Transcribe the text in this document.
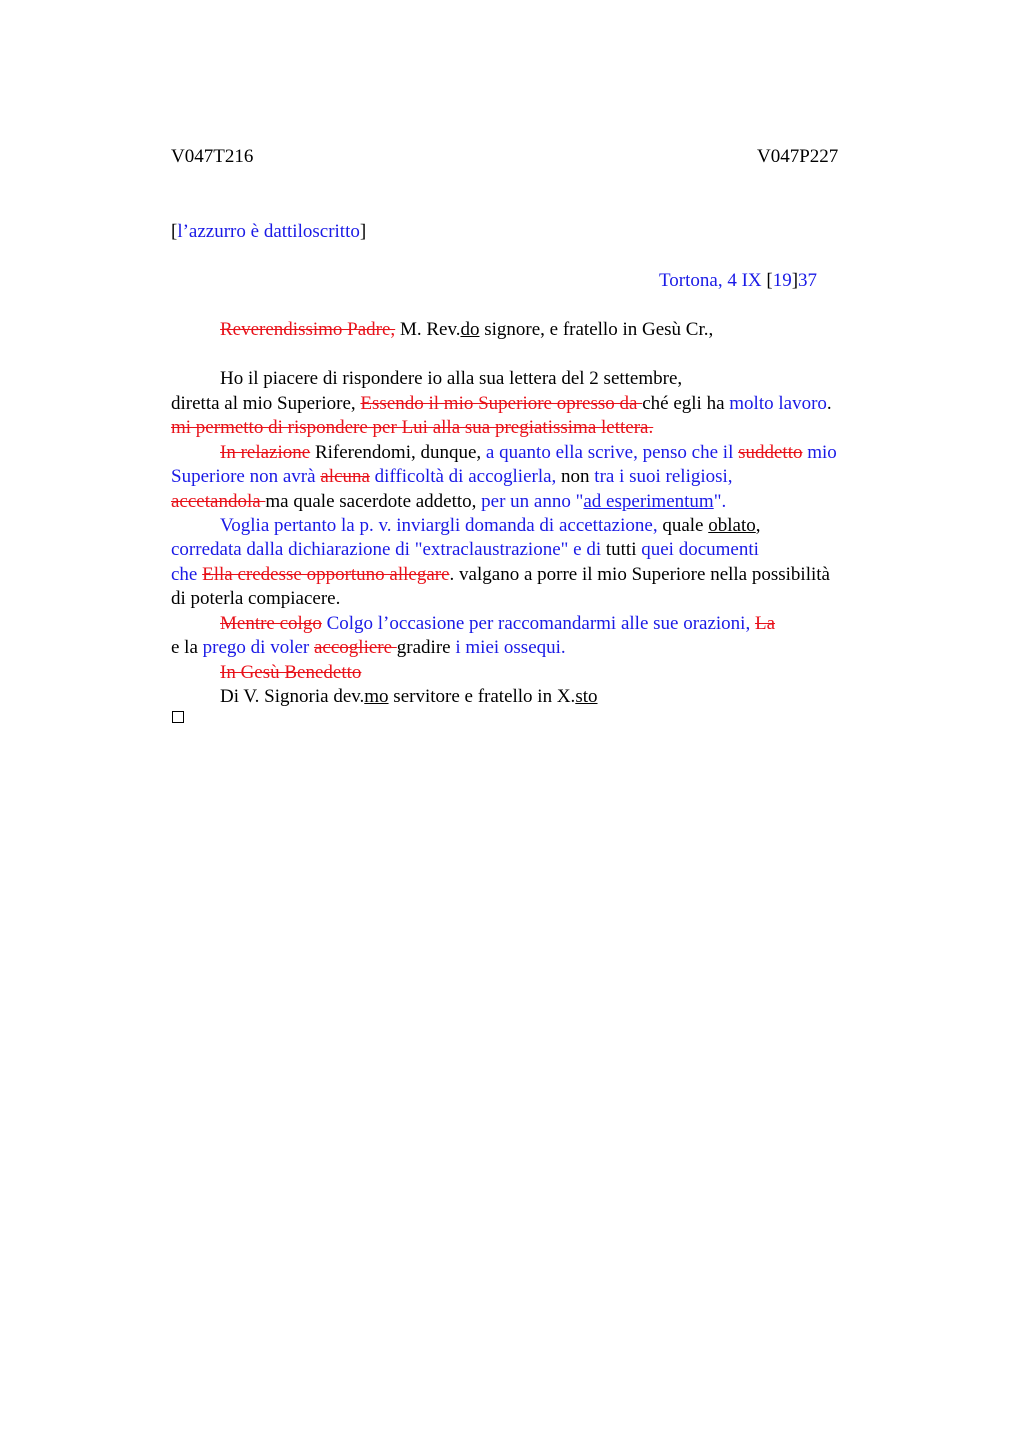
V047T216	V047P227
[l’azzurro è dattiloscritto]
Tortona, 4 IX [19]37
Reverendissimo Padre, M. Rev.do signore, e fratello in Gesù Cr.,
Ho il piacere di rispondere io alla sua lettera del 2 settembre,
diretta al mio Superiore, Essendo il mio Superiore opresso da ché egli ha molto lavoro.
mi permetto di rispondere per Lui alla sua pregiatissima lettera.
In relazione Riferendomi, dunque, a quanto ella scrive, penso che il suddetto mio
Superiore non avrà alcuna difficoltà di accoglierla, non tra i suoi religiosi,
accetandola ma quale sacerdote addetto, per un anno "ad esperimentum".
Voglia pertanto la p. v. inviargli domanda di accettazione, quale oblato,
corredata dalla dichiarazione di "extraclaustrazione" e di tutti quei documenti
che Ella credesse opportuno allegare. valgano a porre il mio Superiore nella possibilità
di poterla compiacere.
Mentre colgo Colgo l’occasione per raccomandarmi alle sue orazioni, La
e la prego di voler accogliere gradire i miei ossequi.
In Gesù Benedetto
Di V. Signoria dev.mo servitore e fratello in X.sto
